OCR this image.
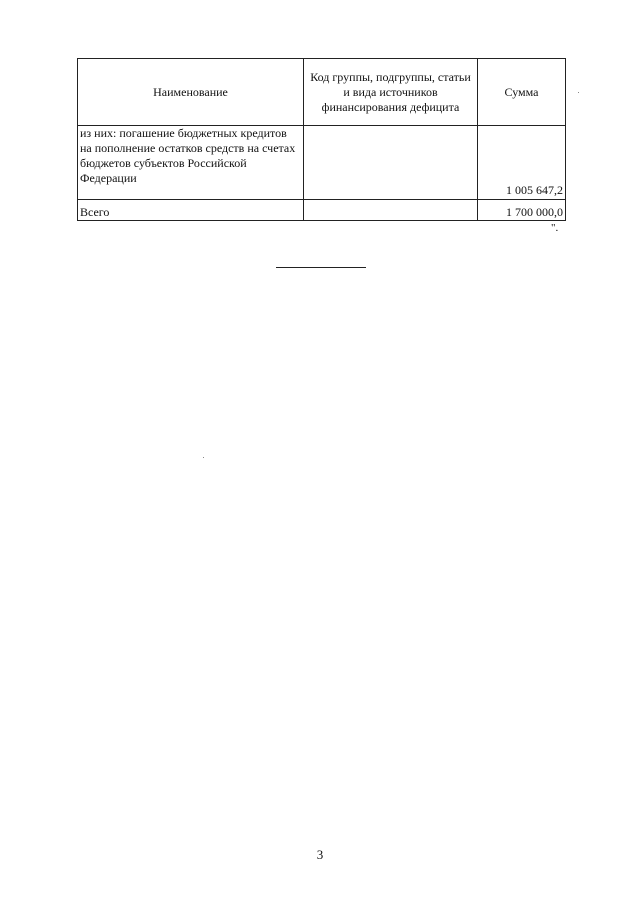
Наименование	Код группы, подгруппы, статьи и вида источников финансирования дефицита	Сумма
из них: погашение бюджетных кредитов на пополнение остатков средств на счетах бюджетов субъектов Российской Федерации		1 005 647,2
Всего		1 700 000,0
".
3
